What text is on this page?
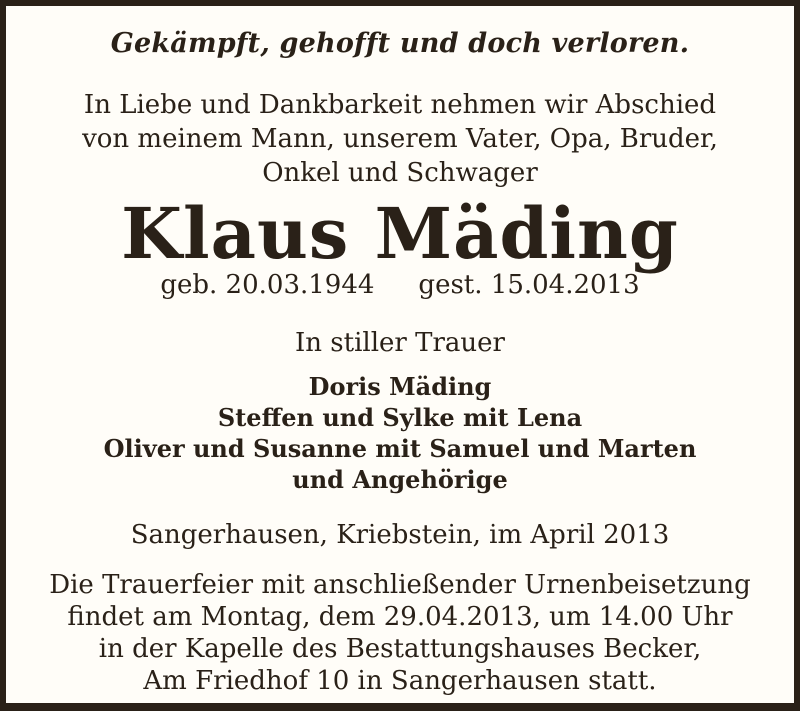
Gekämpft, gehofft und doch verloren.
In Liebe und Dankbarkeit nehmen wir Abschied
von meinem Mann, unserem Vater, Opa, Bruder,
Onkel und Schwager
Klaus Mäding
geb. 20.03.1944 gest. 15.04.2013
In stiller Trauer
Doris Mäding
Steffen und Sylke mit Lena
Oliver und Susanne mit Samuel und Marten
und Angehörige
Sangerhausen, Kriebstein, im April 2013
Die Trauerfeier mit anschließender Urnenbeisetzung
findet am Montag, dem 29.04.2013, um 14.00 Uhr
in der Kapelle des Bestattungshauses Becker,
Am Friedhof 10 in Sangerhausen statt.
